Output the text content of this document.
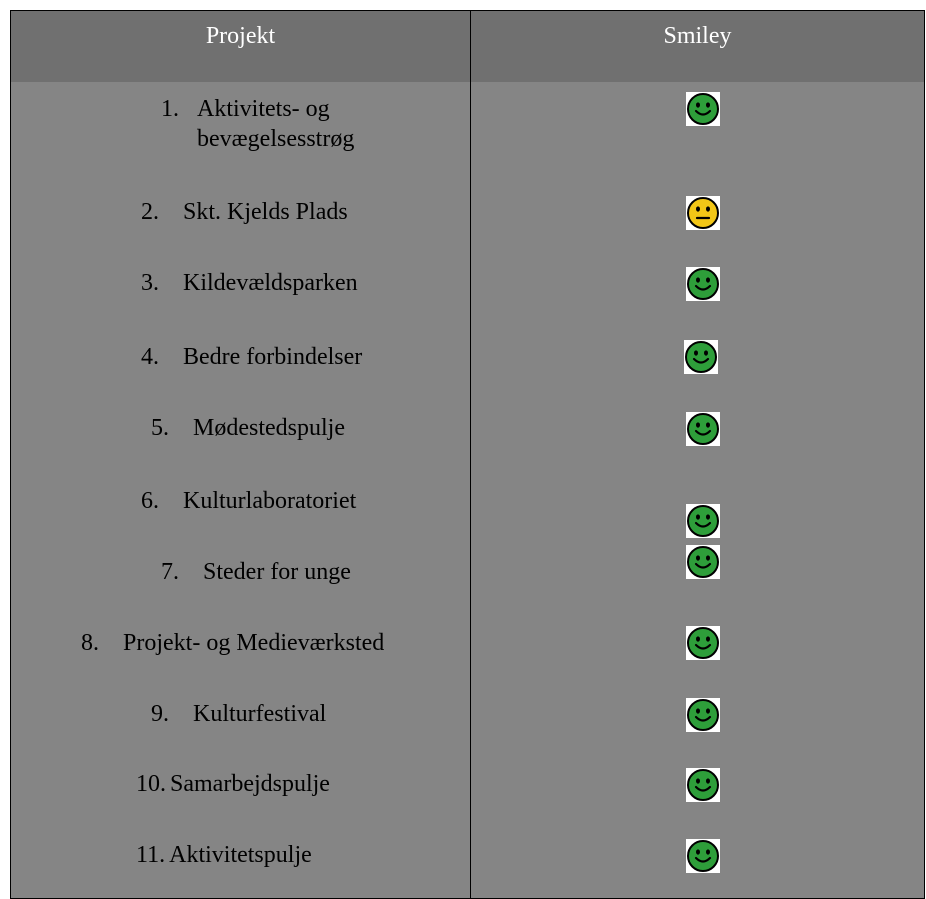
Projekt	Smiley
1. Aktivitets- og
bevægelsesstrøg
2. Skt. Kjelds Plads
3. Kildevældsparken
4. Bedre forbindelser
5. Mødestedspulje
6. Kulturlaboratoriet
7. Steder for unge
8. Projekt- og Medieværksted
9. Kulturfestival
10. Samarbejdspulje
11. Aktivitetspulje
